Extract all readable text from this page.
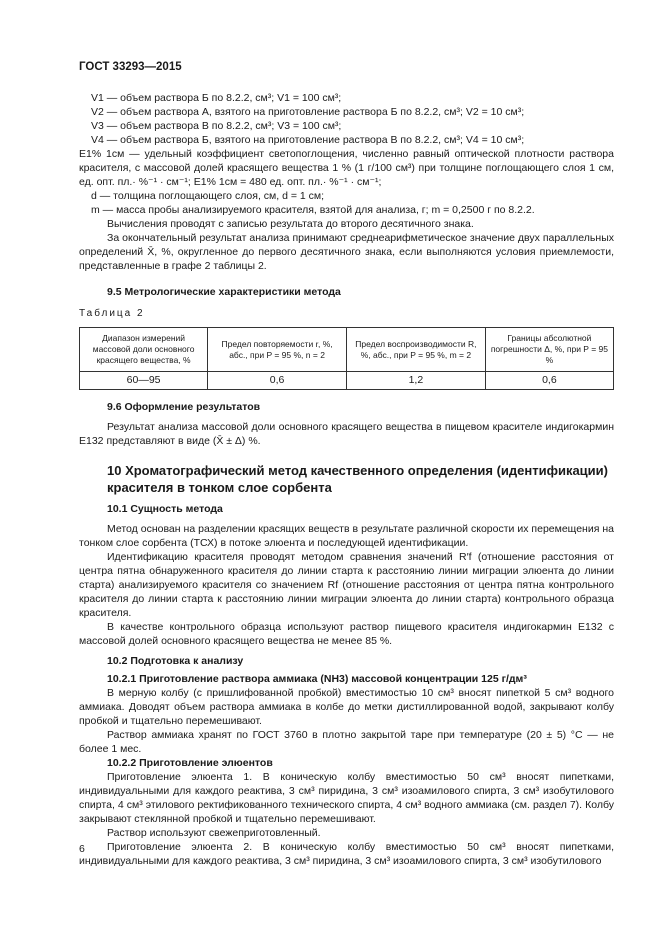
ГОСТ 33293—2015

V1 — объем раствора Б по 8.2.2, см³; V1 = 100 см³;

V2 — объем раствора А, взятого на приготовление раствора Б по 8.2.2, см³; V2 = 10 см³;

V3 — объем раствора В по 8.2.2, см³; V3 = 100 см³;

V4 — объем раствора Б, взятого на приготовление раствора В по 8.2.2, см³; V4 = 10 см³;

E1% 1см — удельный коэффициент светопоглощения, численно равный оптической плотности раствора красителя, с массовой долей красящего вещества 1 % (1 г/100 см³) при толщине поглощающего слоя 1 см, ед. опт. пл.· %⁻¹ · см⁻¹; E1% 1см = 480 ед. опт. пл.· %⁻¹ · см⁻¹;

d — толщина поглощающего слоя, см, d = 1 см;

m — масса пробы анализируемого красителя, взятой для анализа, г; m = 0,2500 г по 8.2.2.

Вычисления проводят с записью результата до второго десятичного знака.

За окончательный результат анализа принимают среднеарифметическое значение двух параллельных определений X̄, %, округленное до первого десятичного знака, если выполняются условия приемлемости, представленные в графе 2 таблицы 2.

9.5 Метрологические характеристики метода

Таблица 2

Диапазон измерений массовой доли основного красящего вещества, %	Предел повторяемости r, %, абс., при P = 95 %, n = 2	Предел воспроизводимости R, %, абс., при P = 95 %, m = 2	Границы абсолютной погрешности Δ, %, при P = 95 %
60—95	0,6	1,2	0,6

9.6 Оформление результатов

Результат анализа массовой доли основного красящего вещества в пищевом красителе индигокармин Е132 представляют в виде (X̄ ± Δ) %.

10 Хроматографический метод качественного определения (идентификации) красителя в тонком слое сорбента

10.1 Сущность метода

Метод основан на разделении красящих веществ в результате различной скорости их перемещения на тонком слое сорбента (ТСХ) в потоке элюента и последующей идентификации.

Идентификацию красителя проводят методом сравнения значений R′f (отношение расстояния от центра пятна обнаруженного красителя до линии старта к расстоянию линии миграции элюента до линии старта) анализируемого красителя со значением Rf (отношение расстояния от центра пятна контрольного красителя до линии старта к расстоянию линии миграции элюента до линии старта) контрольного образца красителя.

В качестве контрольного образца используют раствор пищевого красителя индигокармин Е132 с массовой долей основного красящего вещества не менее 85 %.

10.2 Подготовка к анализу

10.2.1 Приготовление раствора аммиака (NH3) массовой концентрации 125 г/дм³

В мерную колбу (с пришлифованной пробкой) вместимостью 10 см³ вносят пипеткой 5 см³ водного аммиака. Доводят объем раствора аммиака в колбе до метки дистиллированной водой, закрывают колбу пробкой и тщательно перемешивают.

Раствор аммиака хранят по ГОСТ 3760 в плотно закрытой таре при температуре (20 ± 5) °С — не более 1 мес.

10.2.2 Приготовление элюентов

Приготовление элюента 1. В коническую колбу вместимостью 50 см³ вносят пипетками, индивидуальными для каждого реактива, 3 см³ пиридина, 3 см³ изоамилового спирта, 3 см³ изобутилового спирта, 4 см³ этилового ректификованного технического спирта, 4 см³ водного аммиака (см. раздел 7). Колбу закрывают стеклянной пробкой и тщательно перемешивают.

Раствор используют свежеприготовленный.

Приготовление элюента 2. В коническую колбу вместимостью 50 см³ вносят пипетками, индивидуальными для каждого реактива, 3 см³ пиридина, 3 см³ изоамилового спирта, 3 см³ изобутилового

6
